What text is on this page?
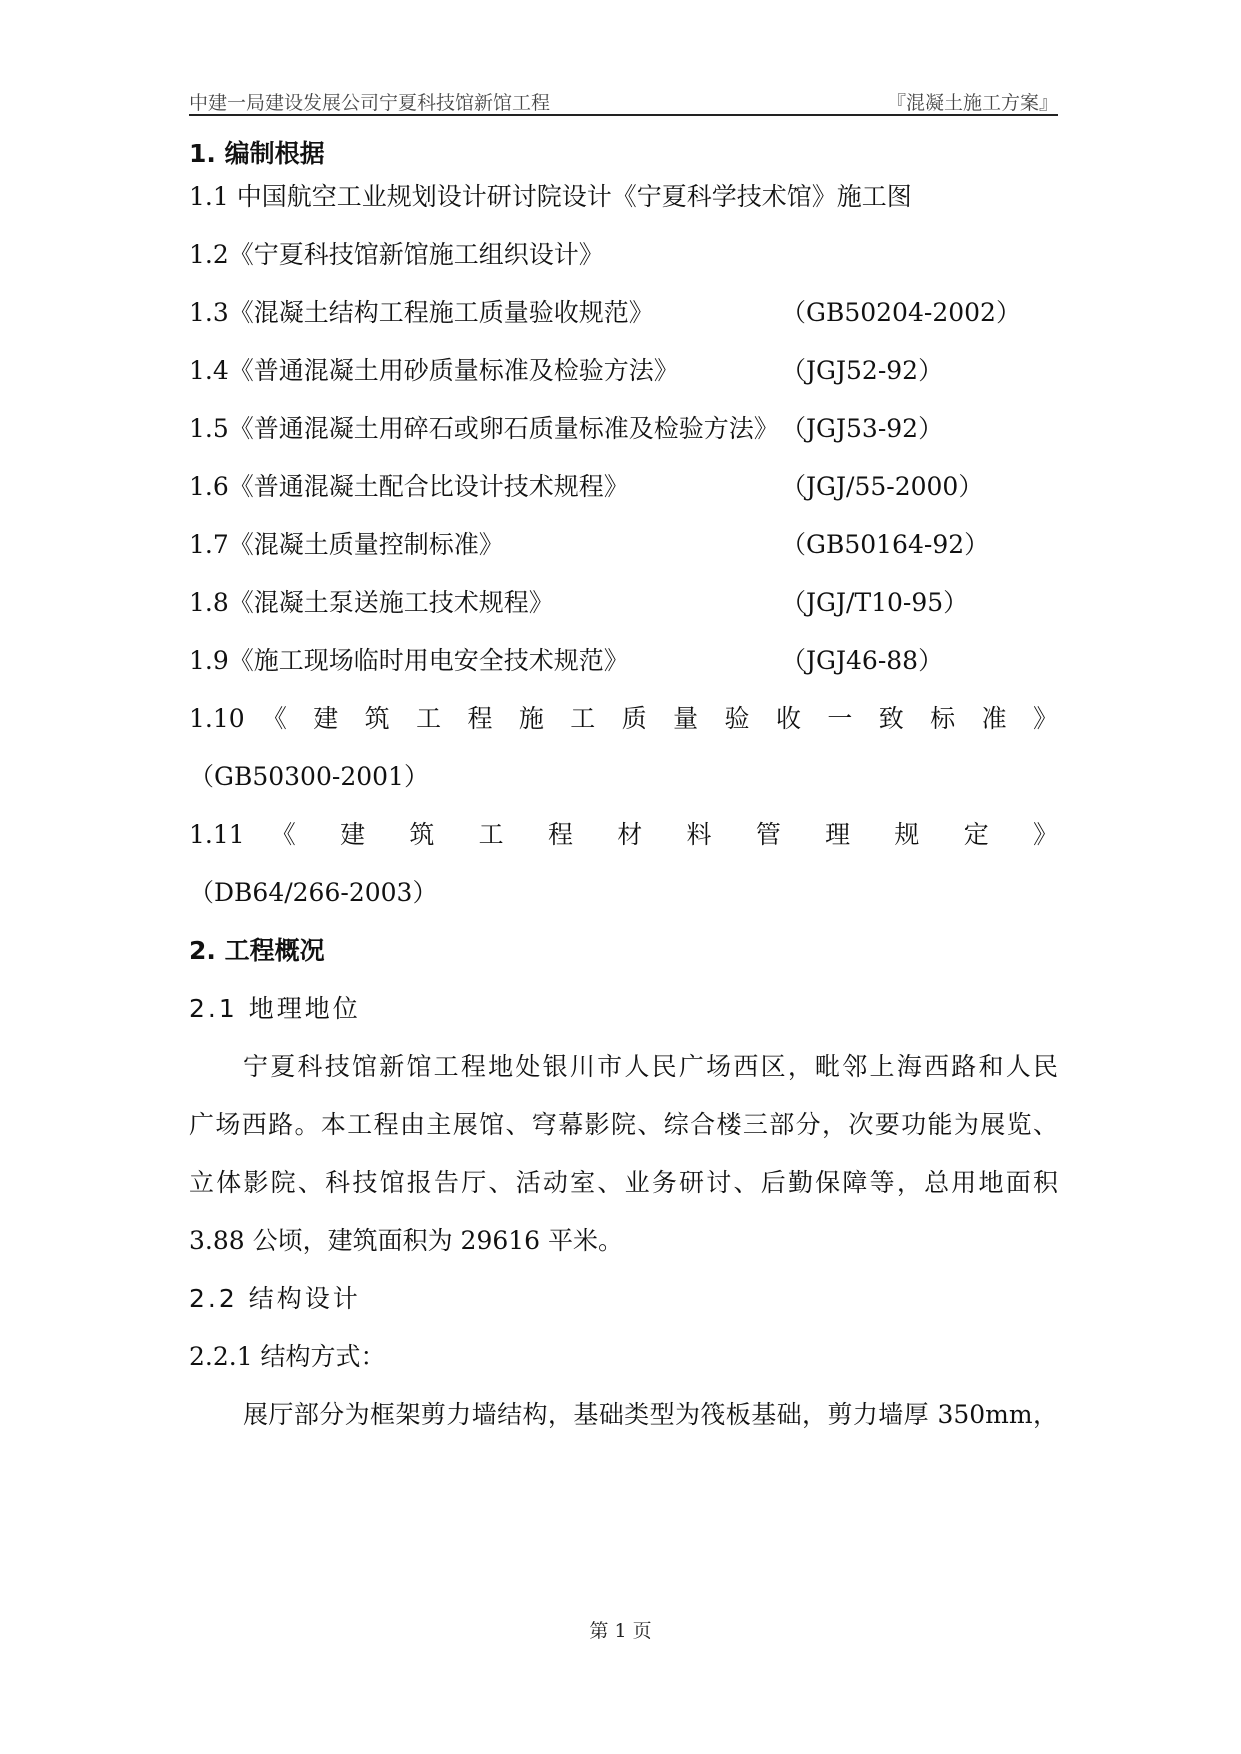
中建一局建设发展公司宁夏科技馆新馆工程	『混凝土施工方案』
1. 编制根据
1.1 中国航空工业规划设计研讨院设计《宁夏科学技术馆》施工图
1.2《宁夏科技馆新馆施工组织设计》
1.3《混凝土结构工程施工质量验收规范》	（GB50204-2002）
1.4《普通混凝土用砂质量标准及检验方法》	（JGJ52-92）
1.5《普通混凝土用碎石或卵石质量标准及检验方法》 （JGJ53-92）
1.6《普通混凝土配合比设计技术规程》	（JGJ/55-2000）
1.7《混凝土质量控制标准》	（GB50164-92）
1.8《混凝土泵送施工技术规程》	（JGJ/T10-95）
1.9《施工现场临时用电安全技术规范》	（JGJ46-88）
1.10 《 建 筑 工 程 施 工 质 量 验 收 一 致 标 准 》
（GB50300-2001）
1.11 《 建 筑 工 程 材 料 管 理 规 定 》
（DB64/266-2003）
2. 工程概况
2.1 地理地位
宁夏科技馆新馆工程地处银川市人民广场西区，毗邻上海西路和人民
广场西路。本工程由主展馆、穹幕影院、综合楼三部分，次要功能为展览、
立体影院、科技馆报告厅、活动室、业务研讨、后勤保障等，总用地面积
3.88 公顷，建筑面积为 29616 平米。
2.2 结构设计
2.2.1 结构方式：
展厅部分为框架剪力墙结构，基础类型为筏板基础，剪力墙厚 350mm，
第 1 页
